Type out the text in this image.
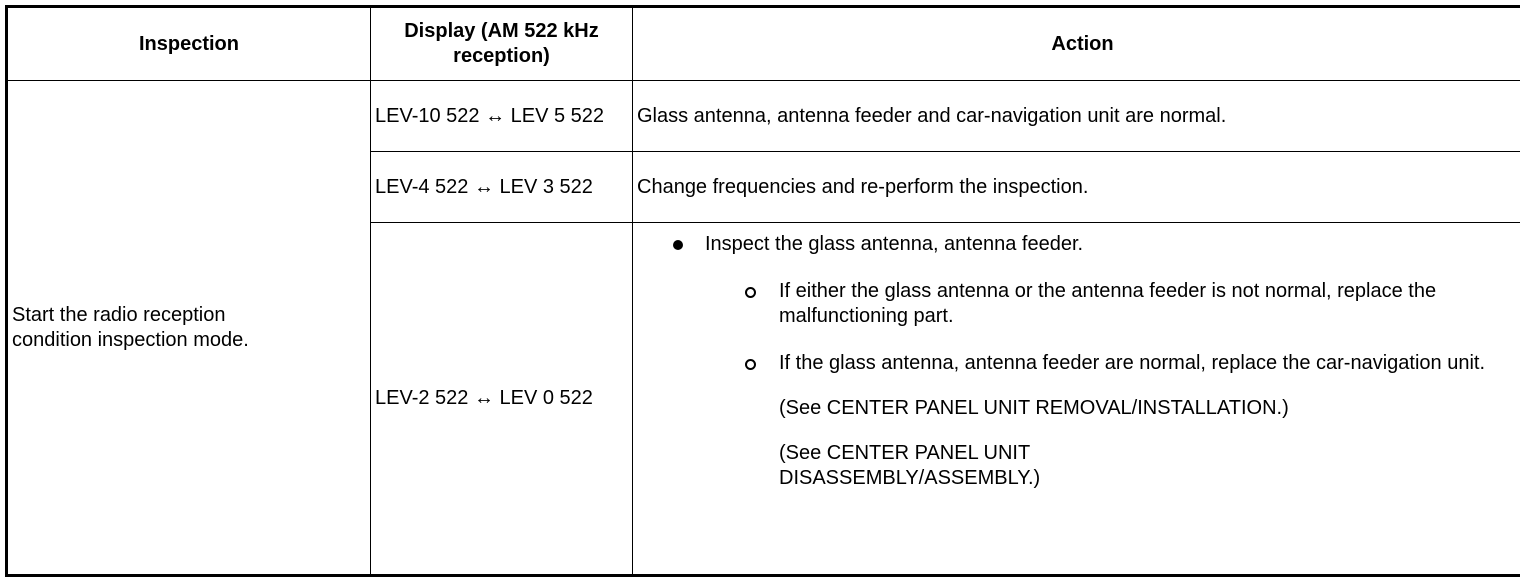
Inspection	Display (AM 522 kHz reception)	Action
Start the radio reception condition inspection mode.	LEV-10 522 ↔ LEV 5 522	Glass antenna, antenna feeder and car-navigation unit are normal.
	LEV-4 522 ↔ LEV 3 522	Change frequencies and re-perform the inspection.
	LEV-2 522 ↔ LEV 0 522	Inspect the glass antenna, antenna feeder.
If either the glass antenna or the antenna feeder is not normal, replace the malfunctioning part.
If the glass antenna, antenna feeder are normal, replace the car-navigation unit.
(See CENTER PANEL UNIT REMOVAL/INSTALLATION.)
(See CENTER PANEL UNIT DISASSEMBLY/ASSEMBLY.)
